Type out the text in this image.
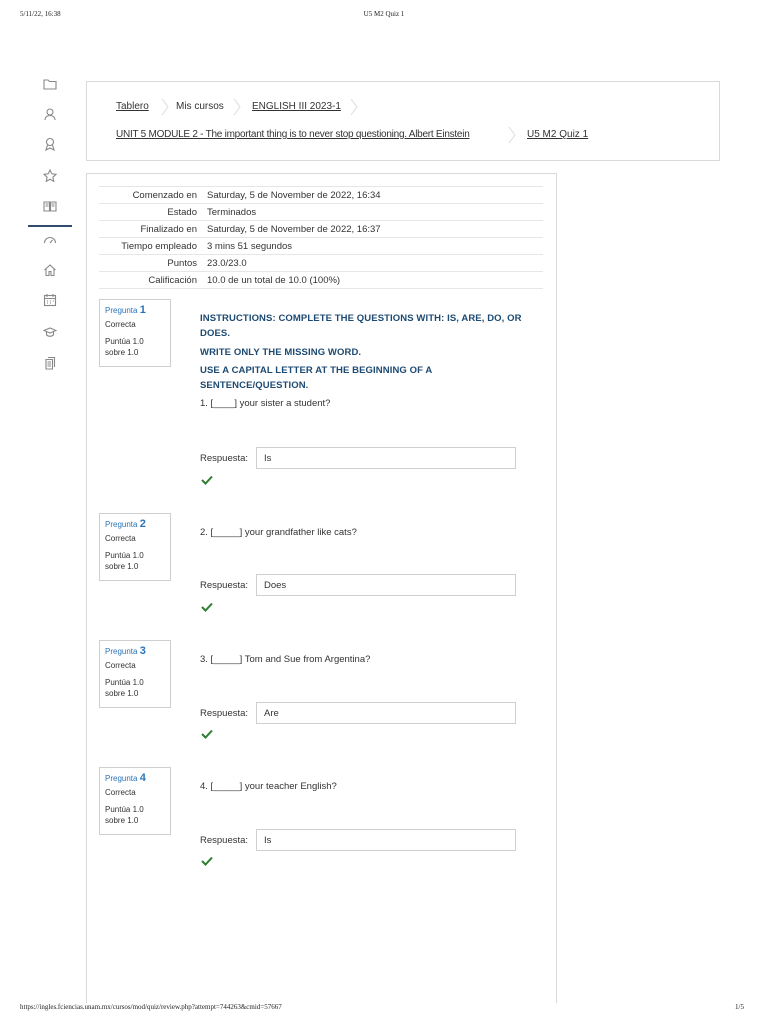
5/11/22, 16:38	U5 M2 Quiz 1
Tablero	Mis cursos	ENGLISH III 2023-1
UNIT 5 MODULE 2 - The important thing is to never stop questioning. Albert Einstein	U5 M2 Quiz 1
Comenzado en	Saturday, 5 de November de 2022, 16:34
Estado	Terminados
Finalizado en	Saturday, 5 de November de 2022, 16:37
Tiempo empleado	3 mins 51 segundos
Puntos	23.0/23.0
Calificación	10.0 de un total de 10.0 (100%)
Pregunta 1
Correcta
Puntúa 1.0
sobre 1.0
INSTRUCTIONS: COMPLETE THE QUESTIONS WITH: IS, ARE, DO, OR DOES.
WRITE ONLY THE MISSING WORD.
USE A CAPITAL LETTER AT THE BEGINNING OF A SENTENCE/QUESTION.
1. [____] your sister a student?
Respuesta:	Is
Pregunta 2
Correcta
Puntúa 1.0
sobre 1.0
2. [_____] your grandfather like cats?
Respuesta:	Does
Pregunta 3
Correcta
Puntúa 1.0
sobre 1.0
3. [_____] Tom and Sue from Argentina?
Respuesta:	Are
Pregunta 4
Correcta
Puntúa 1.0
sobre 1.0
4. [_____] your teacher English?
Respuesta:	Is
https://ingles.fciencias.unam.mx/cursos/mod/quiz/review.php?attempt=744263&cmid=57667	1/5
